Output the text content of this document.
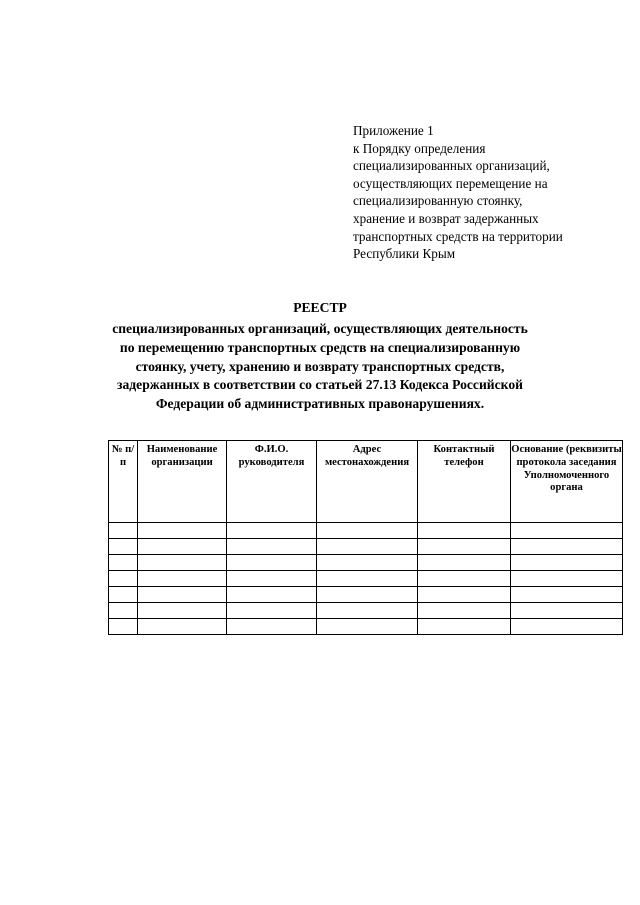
Приложение 1
к Порядку определения
специализированных организаций,
осуществляющих перемещение на
специализированную стоянку,
хранение и возврат задержанных
транспортных средств на территории
Республики Крым
РЕЕСТР
специализированных организаций, осуществляющих деятельность
по перемещению транспортных средств на специализированную
стоянку, учету, хранению и возврату транспортных средств,
задержанных в соответствии со статьей 27.13 Кодекса Российской
Федерации об административных правонарушениях.
№ п/п	Наименование организации	Ф.И.О. руководителя	Адрес местонахождения	Контактный телефон	Основание (реквизиты протокола заседания Уполномоченного органа
